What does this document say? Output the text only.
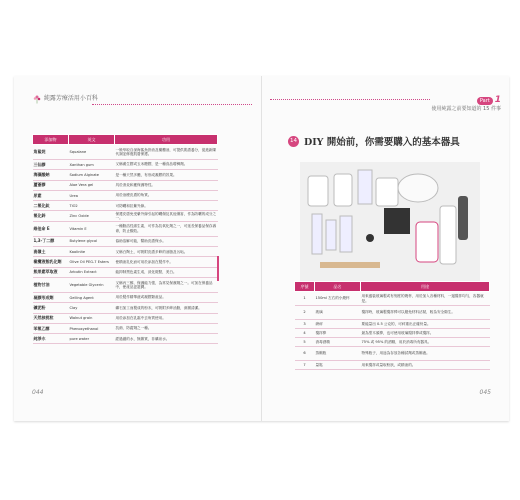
純露芳療活用小百科
添加物	英文	功用
角鯊烷	Squalane	一般萃取自深海鯊魚肝油及橄欖油，可提供肌膚養分，促進新陳代謝並修復肌膚保護。
三仙膠	Xanthan gum	又稱漢生膠或玉米糖膠，是一種食品增稠劑。
海藻酸鈉	Sodium Alginate	是一種天然多醣，有形成凝膠的效果。
蘆薈膠	Aloe Vera gel	具於消炎和應保濕特性。
尿素	Urea	用於治療皮膚的角質。
二氧化鈦	TiO2	可防曬和抗紫外線。
氧化鋅	Zinc Oxide	保護皮膚免受紫外線引起的曬傷及其他傷害，作為防曬的成分之一。
維他命 E	Vitamin E	一種脂溶性維生素，可作為抗氧化劑之一，可延長保養品保存壽命，防止酸敗。
1,3-丁二醇	Butylene glycol	協助溶解可能，幫助皮膚保水。
高嶺土	Kaolinite	又稱白陶土，可吸附皮膚多餘的油脂及污垢。
橄欖液態乳化劑	Olive Oil PEG-7 Esters	使精油乳化而可用於添加在製作中。
熊果素萃取液	Arbutin Extract	能抑制黑色素生成，淡化斑點，美白。
植物甘油	Vegetable Glycerin	又稱丙三醇，保濕能力強，為常見保濕劑之一。可加在保養品中，使產品更滋潤。
凝膠形成劑	Gelling Agent	用於製作精華液或凝膠類產品。
礦泥粉	Clay	礦石加工而製成的粉末，可吸附多餘油脂，深層清潔。
天然核桃粒	Walnut grain	用於添加在乳霜中去角質使用。
苯氧乙醇	Phenoxyethanol	抗菌、防腐劑之一種。
純淨水	pure water	經過濾的水，無雜質，非礦泉水。
044
Part 1
使用純露之前要知道的 15 件事
14 DIY 開始前，你需要購入的基本器具
序號	品名	用途
1	150ml 左右的小燒杯	用來盛裝玻璃製或有刻度的燒杯，用於加入各種材料，一邊攪拌均勻，容器就是。
2	玻璃	攪拌時，玻璃製攪拌棒可以避免材料沾黏，較為安全衛生。
3	磅秤	要能量出 0.5 公克的，可秤重出正確份量。
4	攪拌棒	最為型木頭棒，也可使用玻璃攪拌棒或攪拌。
5	消毒酒精	75% 或 95% 的酒精，用於消毒所有器具。
6	蒸餾瓶	特殊瓶子，用途為存放各種試劑或蒸餾液。
7	量匙	用來攪拌或量取粉狀，或精油的。
045
